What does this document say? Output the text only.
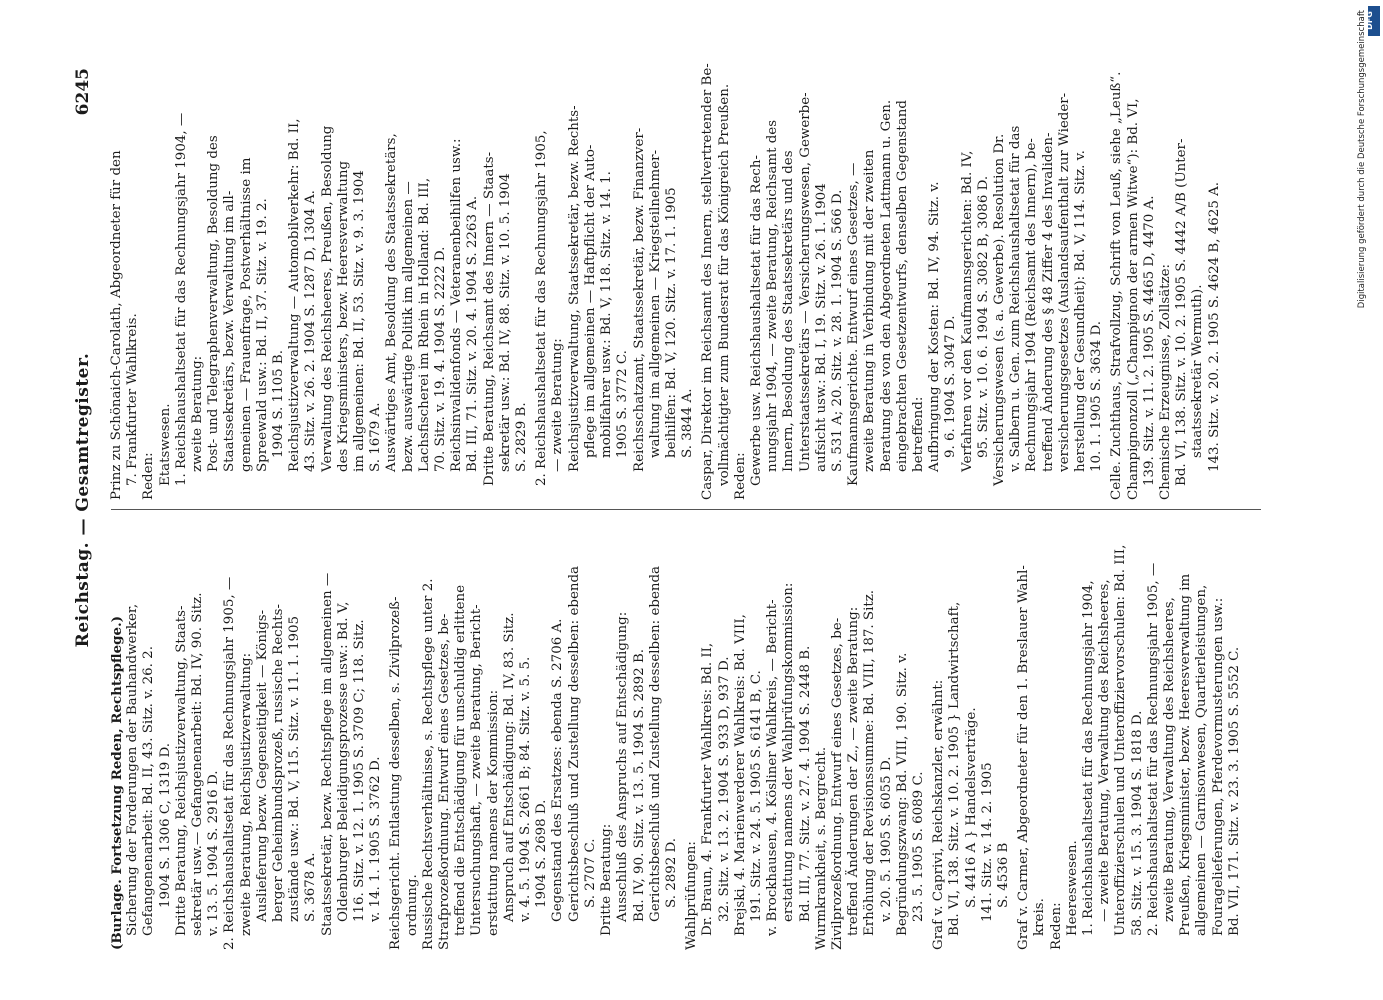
Reichstag. — Gesamtregister.
6245

(Burlage. Fortsetzung Reden, Rechtspflege.) Sicherung der Forderungen der Bauhandwerker, Gefangenenarbeit: Bd. II, 43. Sitz. v. 26. 2. 1904 S. 1306 C, 1319 D. Dritte Beratung, Reichsjustizverwaltung, Staats- sekretär usw.— Gefangenenarbeit: Bd. IV, 90. Sitz. v. 13. 5. 1904 S. 2916 D. 2. Reichshaushaltsetat für das Rechnungsjahr 1905, — zweite Beratung, Reichsjustizverwaltung: Auslieferung bezw. Gegenseitigkeit — Königs- berger Geheimbundsprozeß, russische Rechts- zustände usw.: Bd. V, 115. Sitz. v. 11. 1. 1905 S. 3678 A. Staatssekretär, bezw. Rechtspflege im allgemeinen — Oldenburger Beleidigungsprozesse usw.: Bd. V, 116. Sitz. v. 12. 1. 1905 S. 3709 C; 118. Sitz. v. 14. 1. 1905 S. 3762 D. Reichsgericht. Entlastung desselben, s. Zivilprozeß- ordnung. Russische Rechtsverhältnisse, s. Rechtspflege unter 2. Strafprozeßordnung. Entwurf eines Gesetzes, be- treffend die Entschädigung für unschuldig erlittene Untersuchungshaft, — zweite Beratung, Bericht- erstattung namens der Kommission: Anspruch auf Entschädigung: Bd. IV, 83. Sitz. v. 4. 5. 1904 S. 2661 B; 84. Sitz. v. 5. 5. 1904 S. 2698 D. Gegenstand des Ersatzes: ebenda S. 2706 A. Gerichtsbeschluß und Zustellung desselben: ebenda S. 2707 C. Dritte Beratung: Ausschluß des Anspruchs auf Entschädigung: Bd. IV, 90. Sitz. v. 13. 5. 1904 S. 2892 B. Gerichtsbeschluß und Zustellung desselben: ebenda S. 2892 D. Wahlprüfungen: Dr. Braun, 4. Frankfurter Wahlkreis: Bd. II, 32. Sitz. v. 13. 2. 1904 S. 933 D, 937 D. Brejski, 4. Marienwerderer Wahlkreis: Bd. VIII, 191. Sitz. v. 24. 5. 1905 S. 6141 B, C. v. Brockhausen, 4. Kösliner Wahlkreis, — Bericht- erstattung namens der Wahlprüfungskommission: Bd. III, 77. Sitz. v. 27. 4. 1904 S. 2448 B. Wurmkrankheit, s. Bergrecht. Zivilprozeßordnung. Entwurf eines Gesetzes, be- treffend Änderungen der Z., — zweite Beratung: Erhöhung der Revisionssumme: Bd. VIII, 187. Sitz. v. 20. 5. 1905 S. 6055 D. Begründungszwang: Bd. VIII, 190. Sitz. v. 23. 5. 1905 S. 6089 C. Graf v. Caprivi, Reichskanzler, erwähnt: Bd. VI, 138. Sitz. v. 10. 2. 1905 } Landwirtschaft, S. 4416 A } Handelsverträge. 141. Sitz. v. 14. 2. 1905 S. 4536 B Graf v. Carmer, Abgeordneter für den 1. Breslauer Wahl- kreis. Reden: Heereswesen. 1. Reichshaushaltsetat für das Rechnungsjahr 1904, — zweite Beratung, Verwaltung des Reichsheeres, Unteroffizierschulen und Unteroffiziervorschulen: Bd. III, 58. Sitz. v. 15. 3. 1904 S. 1818 D. 2. Reichshaushaltsetat für das Rechnungsjahr 1905, — zweite Beratung, Verwaltung des Reichsheeres, Preußen, Kriegsminister, bezw. Heeresverwaltung im allgemeinen — Garnisonwesen, Quartierleistungen, Fouragelieferungen, Pferdevormusterungen usw.: Bd. VII, 171. Sitz. v. 23. 3. 1905 S. 5552 C.

Prinz zu Schönaich-Carolath, Abgeordneter für den 7. Frankfurter Wahlkreis. Reden: Etatswesen. 1. Reichshaushaltsetat für das Rechnungsjahr 1904, — zweite Beratung: Post- und Telegraphenverwaltung, Besoldung des Staatssekretärs, bezw. Verwaltung im all- gemeinen — Frauenfrage, Postverhältnisse im Spreewald usw.: Bd. II, 37. Sitz. v. 19. 2. 1904 S. 1105 B. Reichsjustizverwaltung — Automobilverkehr: Bd. II, 43. Sitz. v. 26. 2. 1904 S. 1287 D, 1304 A. Verwaltung des Reichsheeres, Preußen, Besoldung des Kriegsministers, bezw. Heeresverwaltung im allgemeinen: Bd. II, 53. Sitz. v. 9. 3. 1904 S. 1679 A. Auswärtiges Amt, Besoldung des Staatssekretärs, bezw. auswärtige Politik im allgemeinen — Lachsfischerei im Rhein in Holland: Bd. III, 70. Sitz. v. 19. 4. 1904 S. 2222 D. Reichsinvalidenfonds — Veteranenbeihilfen usw.: Bd. III, 71. Sitz. v. 20. 4. 1904 S. 2263 A. Dritte Beratung, Reichsamt des Innern — Staats- sekretär usw.: Bd. IV, 88. Sitz. v. 10. 5. 1904 S. 2829 B. 2. Reichshaushaltsetat für das Rechnungsjahr 1905, — zweite Beratung: Reichsjustizverwaltung, Staatssekretär, bezw. Rechts- pflege im allgemeinen — Haftpflicht der Auto- mobilfahrer usw.: Bd. V, 118. Sitz. v. 14. 1. 1905 S. 3772 C. Reichsschatzamt, Staatssekretär, bezw. Finanzver- waltung im allgemeinen — Kriegsteilnehmer- beihilfen: Bd. V, 120. Sitz. v. 17. 1. 1905 S. 3844 A. Caspar, Direktor im Reichsamt des Innern, stellvertretender Be- vollmächtigter zum Bundesrat für das Königreich Preußen. Reden: Gewerbe usw. Reichshaushaltsetat für das Rech- nungsjahr 1904, — zweite Beratung, Reichsamt des Innern, Besoldung des Staatssekretärs und des Unterstaatssekretärs — Versicherungswesen, Gewerbe- aufsicht usw.: Bd. I, 19. Sitz. v. 26. 1. 1904 S. 531 A; 20. Sitz. v. 28. 1. 1904 S. 566 D. Kaufmannsgerichte. Entwurf eines Gesetzes, — zweite Beratung in Verbindung mit der zweiten Beratung des von den Abgeordneten Lattmann u. Gen. eingebrachten Gesetzentwurfs, denselben Gegenstand betreffend: Aufbringung der Kosten: Bd. IV, 94. Sitz. v. 9. 6. 1904 S. 3047 D. Verfahren vor den Kaufmannsgerichten: Bd. IV, 95. Sitz. v. 10. 6. 1904 S. 3082 B, 3086 D. Versicherungswesen (s. a. Gewerbe). Resolution Dr. v. Salbern u. Gen. zum Reichshaushaltsetat für das Rechnungsjahr 1904 (Reichsamt des Innern), be- treffend Änderung des § 48 Ziffer 4 des Invaliden- versicherungsgesetzes (Auslandsaufenthalt zur Wieder- herstellung der Gesundheit): Bd. V, 114. Sitz. v. 10. 1. 1905 S. 3634 D. Celle. Zuchthaus, Strafvollzug, Schrift von Leuß, siehe „Leuß“. Champignonzoll („Champignon der armen Witwe“): Bd. VI, 139. Sitz. v. 11. 2. 1905 S. 4465 D, 4470 A. Chemische Erzeugnisse, Zollsätze: Bd. VI, 138. Sitz. v. 10. 2. 1905 S. 4442 A/B (Unter- staatssekretär Wermuth). 143. Sitz. v. 20. 2. 1905 S. 4624 B, 4625 A.

Digitalisierung gefördert durch die Deutsche Forschungsgemeinschaft
DFG
